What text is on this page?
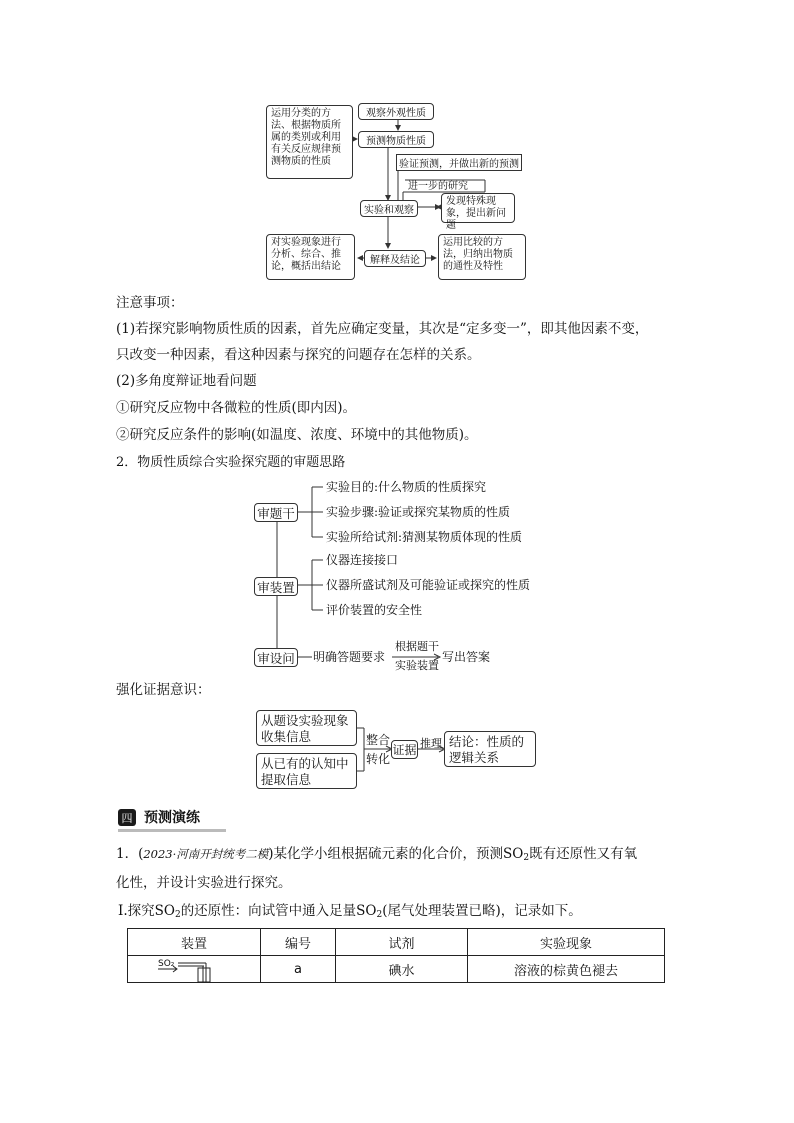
运用分类的方法、根据物质所属的类别或利用有关反应规律预测物质的性质
观察外观性质
预测物质性质
验证预测，并做出新的预测
进一步的研究
实验和观察
发现特殊现象，提出新问题
对实验现象进行分析、综合、推论，概括出结论
解释及结论
运用比较的方法，归纳出物质的通性及特性
注意事项：
(1)若探究影响物质性质的因素，首先应确定变量，其次是“定多变一”，即其他因素不变，
只改变一种因素，看这种因素与探究的问题存在怎样的关系。
(2)多角度辩证地看问题
①研究反应物中各微粒的性质(即内因)。
②研究反应条件的影响(如温度、浓度、环境中的其他物质)。
2．物质性质综合实验探究题的审题思路
审题干
实验目的:什么物质的性质探究
实验步骤:验证或探究某物质的性质
实验所给试剂:猜测某物质体现的性质
审装置
仪器连接接口
仪器所盛试剂及可能验证或探究的性质
评价装置的安全性
审设问 明确答题要求
根据题干
实验装置
写出答案
强化证据意识：
从题设实验现象收集信息
从已有的认知中提取信息
整合
转化
证据 推理 结论：性质的逻辑关系
四 预测演练
1．(2023·河南开封统考二模)某化学小组根据硫元素的化合价，预测$SO_2$既有还原性又有氧
化性，并设计实验进行探究。
Ⅰ.探究$SO_2$的还原性：向试管中通入足量$SO_2$(尾气处理装置已略)，记录如下。
装置	编号	试剂	实验现象

SO₂	a	碘水	溶液的棕黄色褪去
